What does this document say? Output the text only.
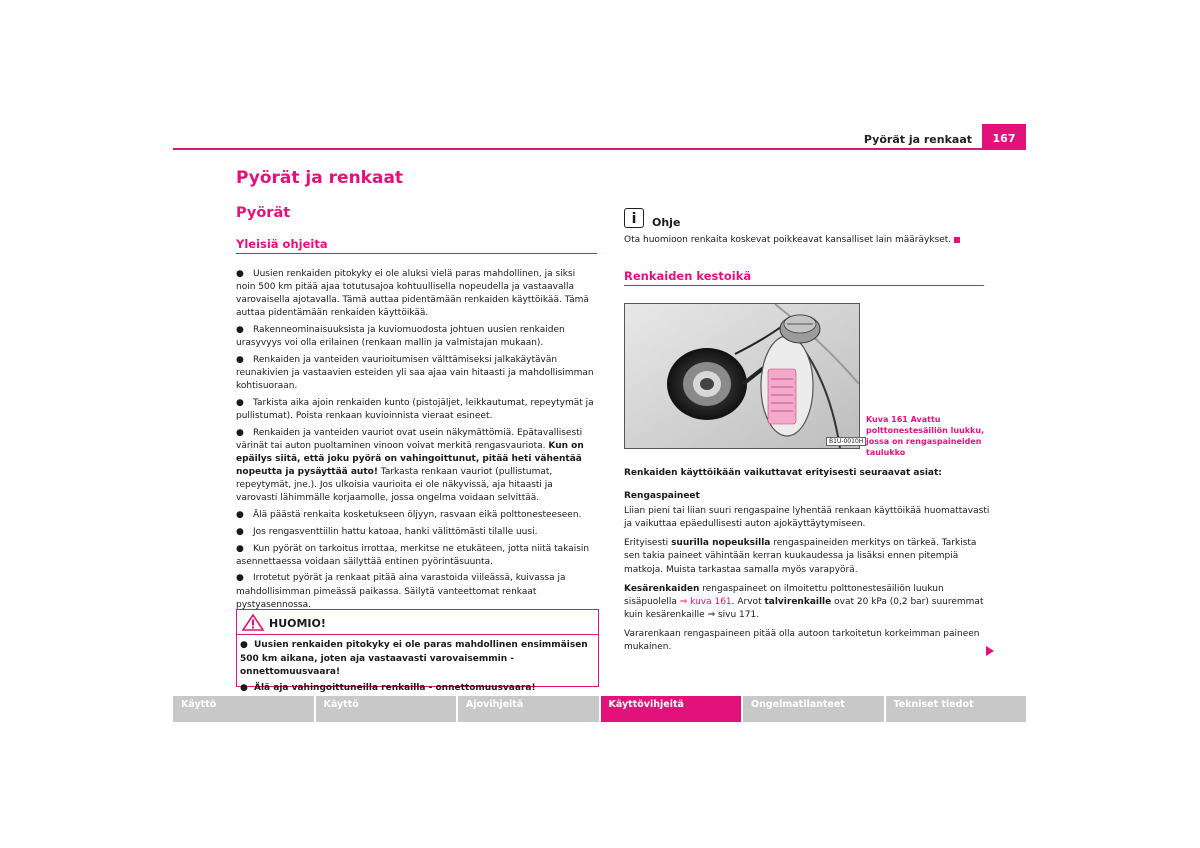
Pyörät ja renkaat	167
Pyörät ja renkaat
Pyörät
Yleisiä ohjeita

● Uusien renkaiden pitokyky ei ole aluksi vielä paras mahdollinen, ja siksi noin 500 km pitää ajaa totutusajoa kohtuullisella nopeudella ja vastaavalla varovaisella ajotavalla. Tämä auttaa pidentämään renkaiden käyttöikää. Tämä auttaa pidentämään renkaiden käyttöikää.

● Rakenneominaisuuksista ja kuviomuodosta johtuen uusien renkaiden urasyvyys voi olla erilainen (renkaan mallin ja valmistajan mukaan).

● Renkaiden ja vanteiden vaurioitumisen välttämiseksi jalkakäytävän reunakivien ja vastaavien esteiden yli saa ajaa vain hitaasti ja mahdollisimman kohtisuoraan.

● Tarkista aika ajoin renkaiden kunto (pistojäljet, leikkautumat, repeytymät ja pullistumat). Poista renkaan kuvioinnista vieraat esineet.

● Renkaiden ja vanteiden vauriot ovat usein näkymättömiä. Epätavallisesti värinät tai auton puoltaminen vinoon voivat merkitä rengasvauriota. Kun on epäilys siitä, että joku pyörä on vahingoittunut, pitää heti vähentää nopeutta ja pysäyttää auto! Tarkasta renkaan vauriot (pullistumat, repeytymät, jne.). Jos ulkoisia vaurioita ei ole näkyvissä, aja hitaasti ja varovasti lähimmälle korjaamolle, jossa ongelma voidaan selvittää.

● Älä päästä renkaita kosketukseen öljyyn, rasvaan eikä polttonesteeseen.

● Jos rengasventtiilin hattu katoaa, hanki välittömästi tilalle uusi.

● Kun pyörät on tarkoitus irrottaa, merkitse ne etukäteen, jotta niitä takaisin asennettaessa voidaan säilyttää entinen pyörintäsuunta.

● Irrotetut pyörät ja renkaat pitää aina varastoida viileässä, kuivassa ja mahdollisimman pimeässä paikassa. Säilytä vanteettomat renkaat pystyasennossa.

HUOMIO!

● Uusien renkaiden pitokyky ei ole paras mahdollinen ensimmäisen 500 km aikana, joten aja vastaavasti varovaisemmin - onnettomuusvaara!

● Älä aja vahingoittuneilla renkailla - onnettomuusvaara!

i	Ohje
Ota huomioon renkaita koskevat poikkeavat kansalliset lain määräykset.
Renkaiden kestoikä
B1U-0010H
Kuva 161 Avattu polttonestesäiliön luukku, jossa on rengaspaineiden taulukko

Renkaiden käyttöikään vaikuttavat erityisesti seuraavat asiat:

Rengaspaineet

Liian pieni tai liian suuri rengaspaine lyhentää renkaan käyttöikää huomattavasti ja vaikuttaa epäedullisesti auton ajokäyttäytymiseen.

Erityisesti suurilla nopeuksilla rengaspaineiden merkitys on tärkeä. Tarkista sen takia paineet vähintään kerran kuukaudessa ja lisäksi ennen pitempiä matkoja. Muista tarkastaa samalla myös varapyörä.

Kesärenkaiden rengaspaineet on ilmoitettu polttonestesäiliön luukun sisäpuolella ⇒ kuva 161. Arvot talvirenkaille ovat 20 kPa (0,2 bar) suuremmat kuin kesärenkaille ⇒ sivu 171.

Vararenkaan rengaspaineen pitää olla autoon tarkoitetun korkeimman paineen mukainen.

Käyttö	Käyttö	Ajovihjeitä	Käyttövihjeitä	Ongelmatilanteet	Tekniset tiedot
